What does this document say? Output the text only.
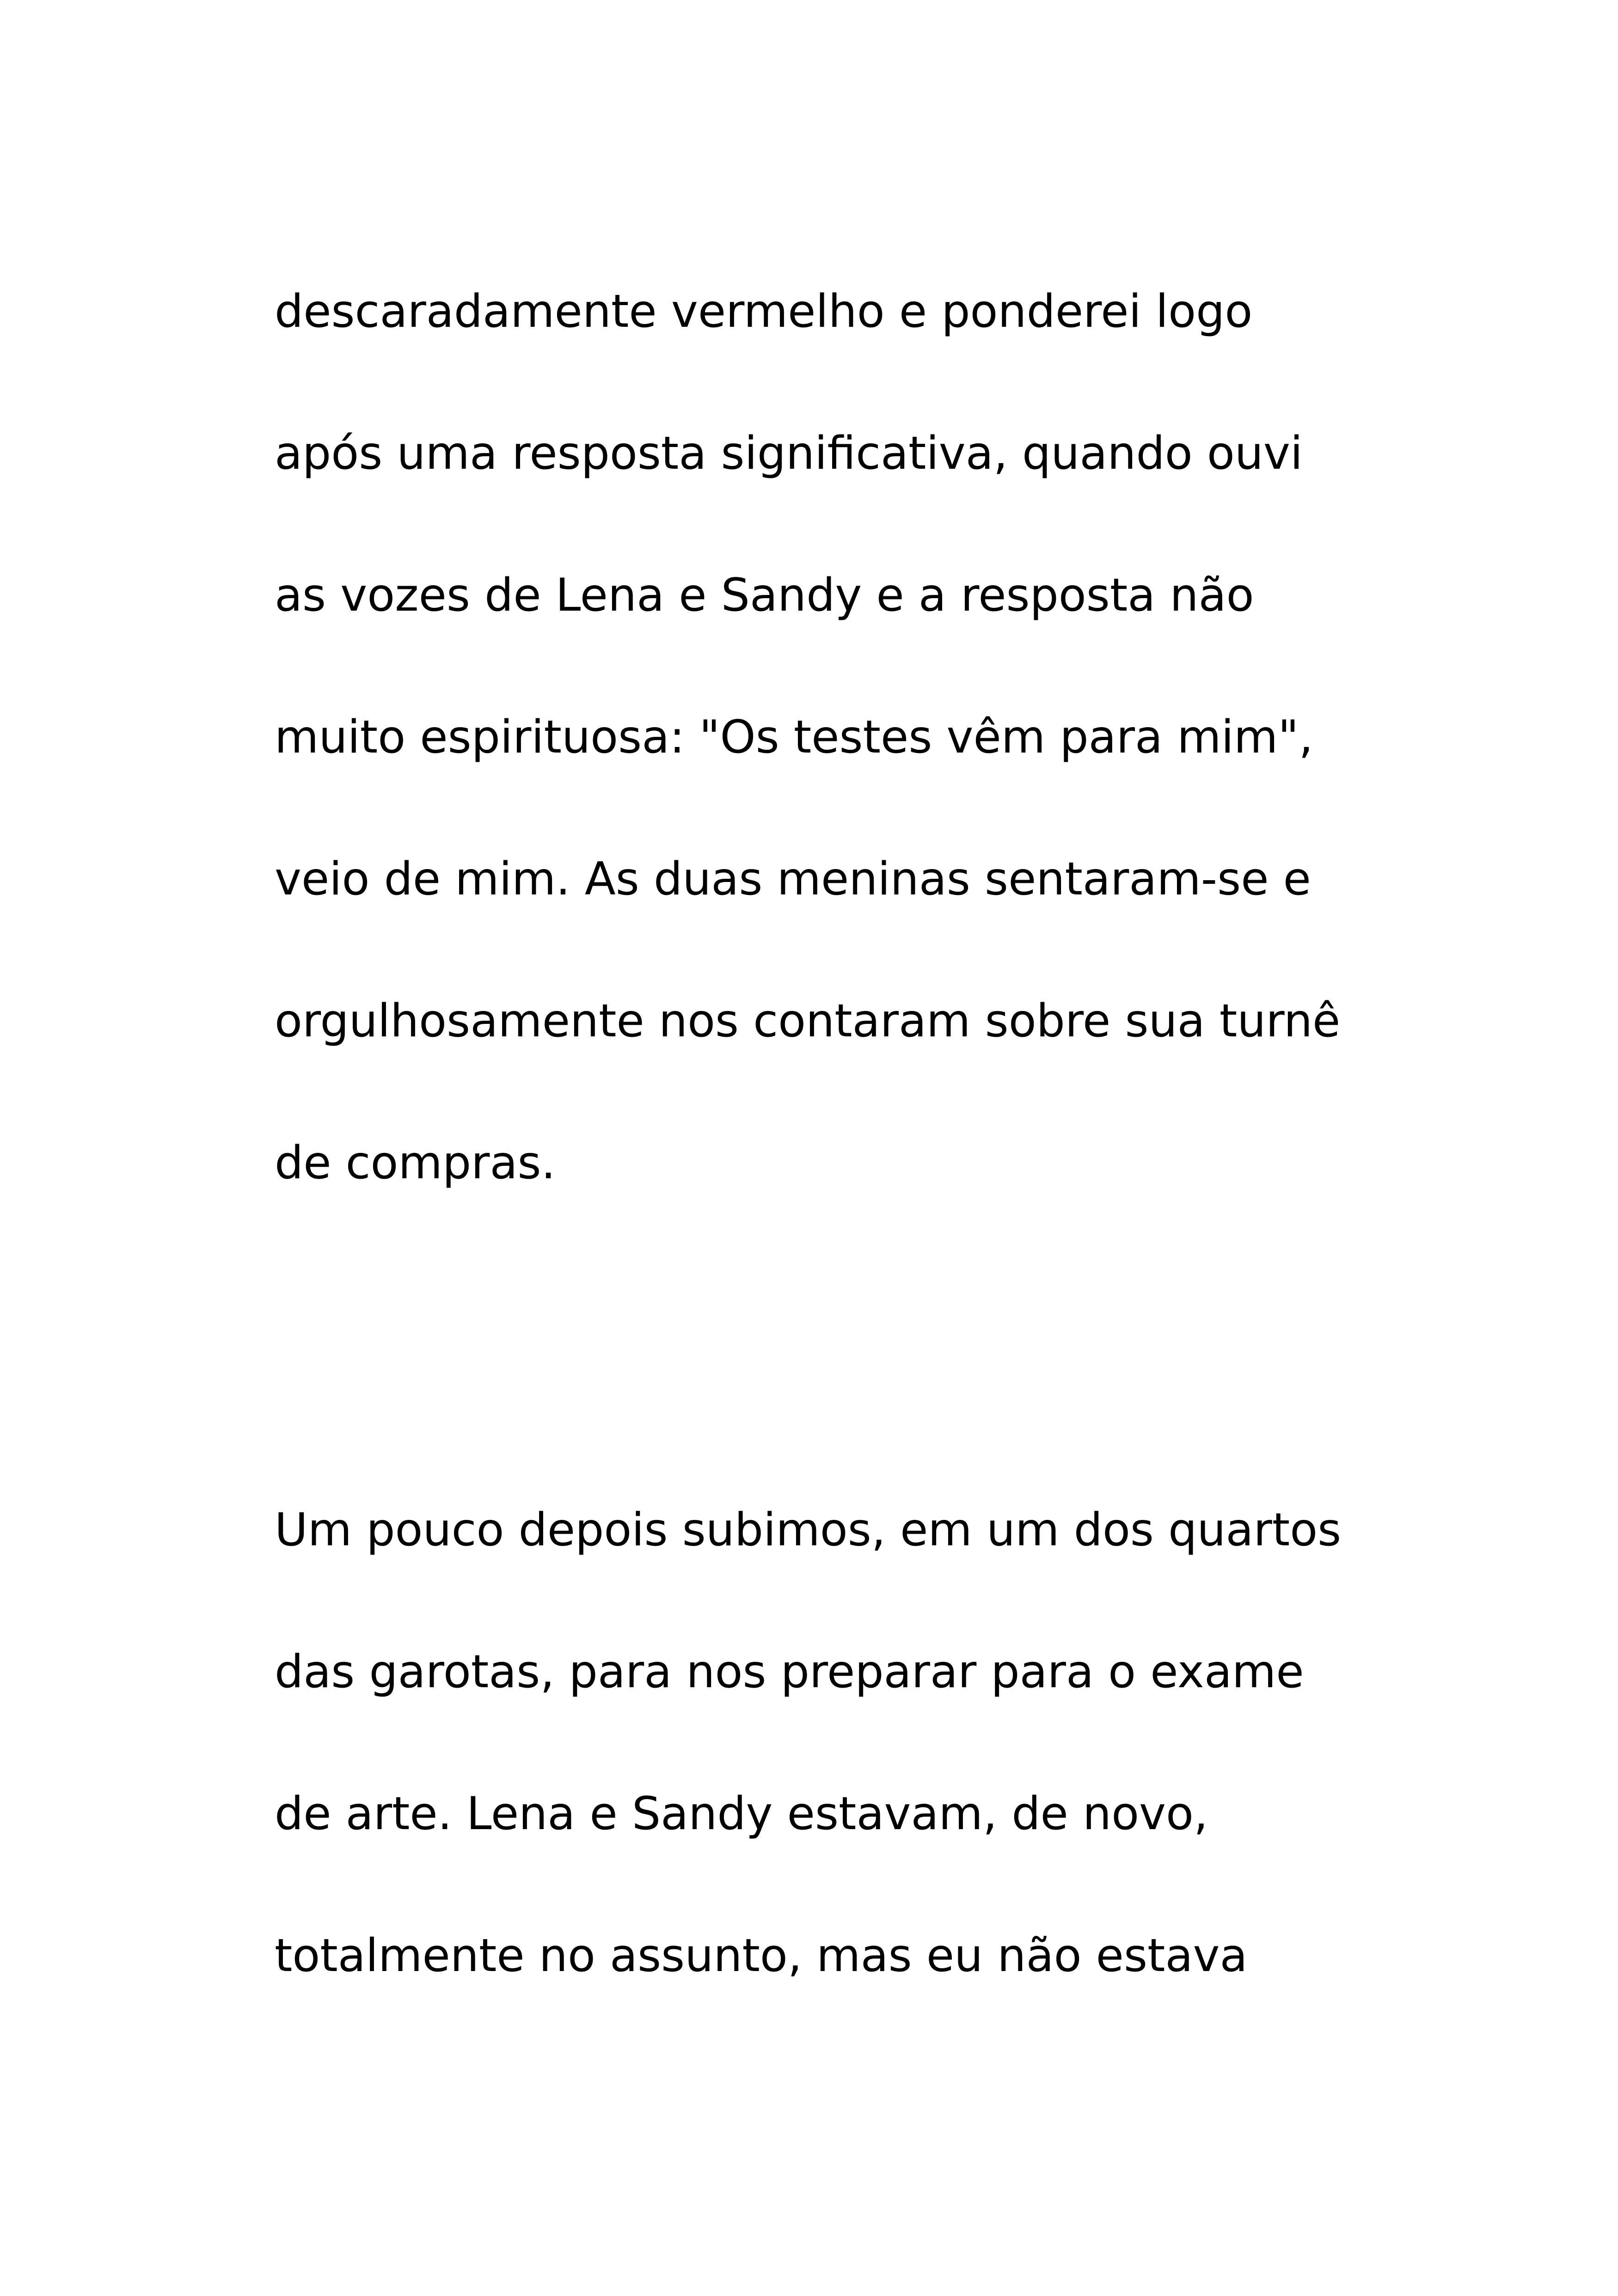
descaradamente vermelho e ponderei logo
após uma resposta significativa, quando ouvi
as vozes de Lena e Sandy e a resposta não
muito espirituosa: "Os testes vêm para mim",
veio de mim. As duas meninas sentaram-se e
orgulhosamente nos contaram sobre sua turnê
de compras.
Um pouco depois subimos, em um dos quartos
das garotas, para nos preparar para o exame
de arte. Lena e Sandy estavam, de novo,
totalmente no assunto, mas eu não estava
